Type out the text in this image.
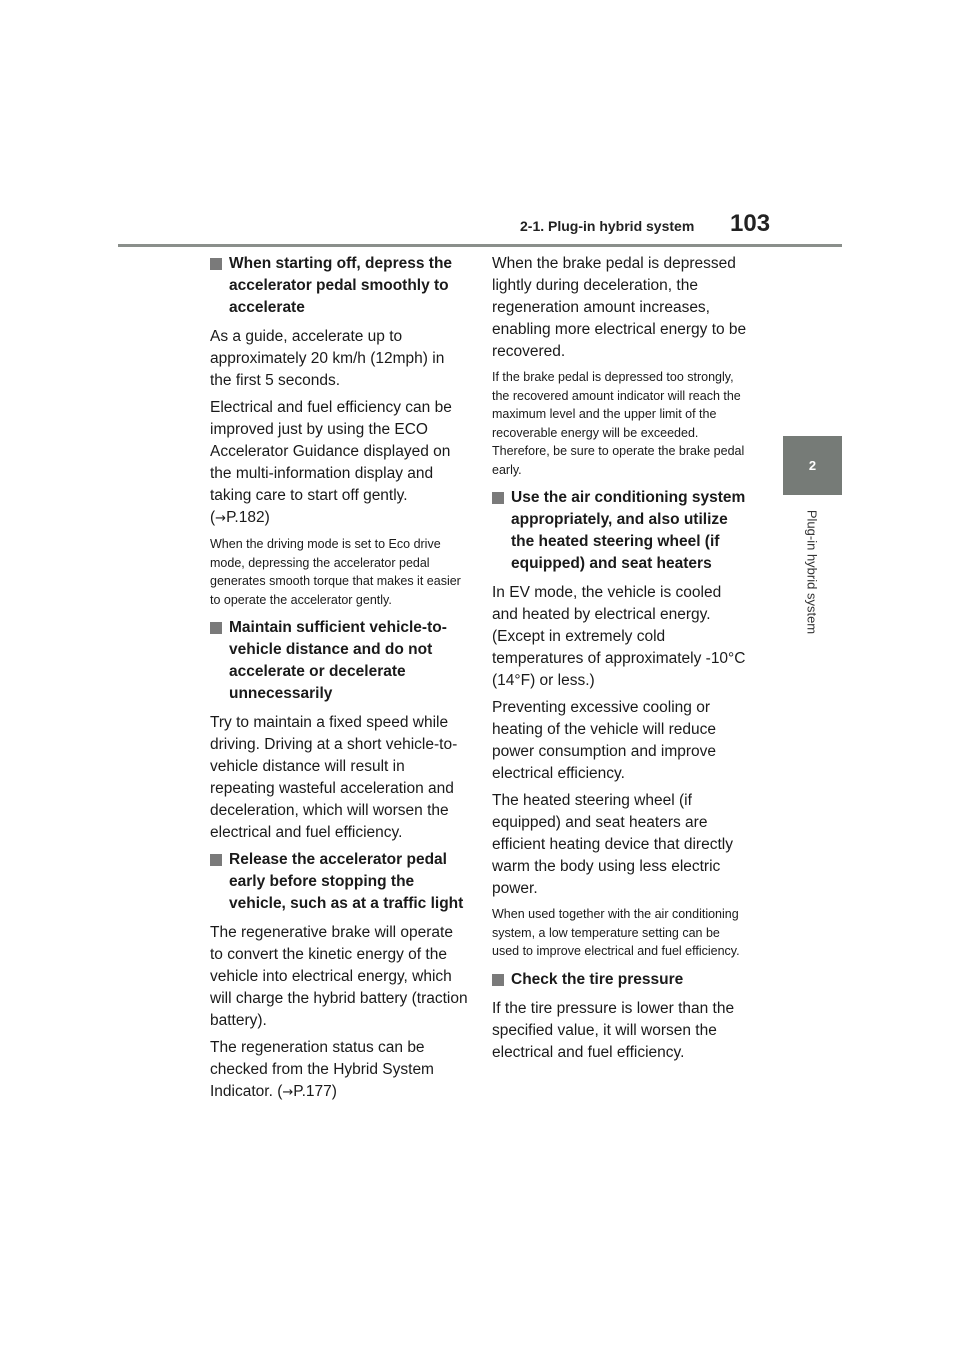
2-1. Plug-in hybrid system 103
2
Plug-in hybrid system
When starting off, depress the accelerator pedal smoothly to accelerate

As a guide, accelerate up to approximately 20 km/h (12mph) in the first 5 seconds.

Electrical and fuel efficiency can be improved just by using the ECO Accelerator Guidance displayed on the multi-information display and taking care to start off gently. (→P.182)

When the driving mode is set to Eco drive mode, depressing the accelerator pedal generates smooth torque that makes it easier to operate the accelerator gently.

Maintain sufficient vehicle-to-vehicle distance and do not accelerate or decelerate unnecessarily

Try to maintain a fixed speed while driving. Driving at a short vehicle-to-vehicle distance will result in repeating wasteful acceleration and deceleration, which will worsen the electrical and fuel efficiency.

Release the accelerator pedal early before stopping the vehicle, such as at a traffic light

The regenerative brake will operate to convert the kinetic energy of the vehicle into electrical energy, which will charge the hybrid battery (traction battery).

The regeneration status can be checked from the Hybrid System Indicator. (→P.177)

When the brake pedal is depressed lightly during deceleration, the regeneration amount increases, enabling more electrical energy to be recovered.

If the brake pedal is depressed too strongly, the recovered amount indicator will reach the maximum level and the upper limit of the recoverable energy will be exceeded. Therefore, be sure to operate the brake pedal early.

Use the air conditioning system appropriately, and also utilize the heated steering wheel (if equipped) and seat heaters

In EV mode, the vehicle is cooled and heated by electrical energy. (Except in extremely cold temperatures of approximately -10°C (14°F) or less.)

Preventing excessive cooling or heating of the vehicle will reduce power consumption and improve electrical efficiency.

The heated steering wheel (if equipped) and seat heaters are efficient heating device that directly warm the body using less electric power.

When used together with the air conditioning system, a low temperature setting can be used to improve electrical and fuel efficiency.

Check the tire pressure

If the tire pressure is lower than the specified value, it will worsen the electrical and fuel efficiency.
